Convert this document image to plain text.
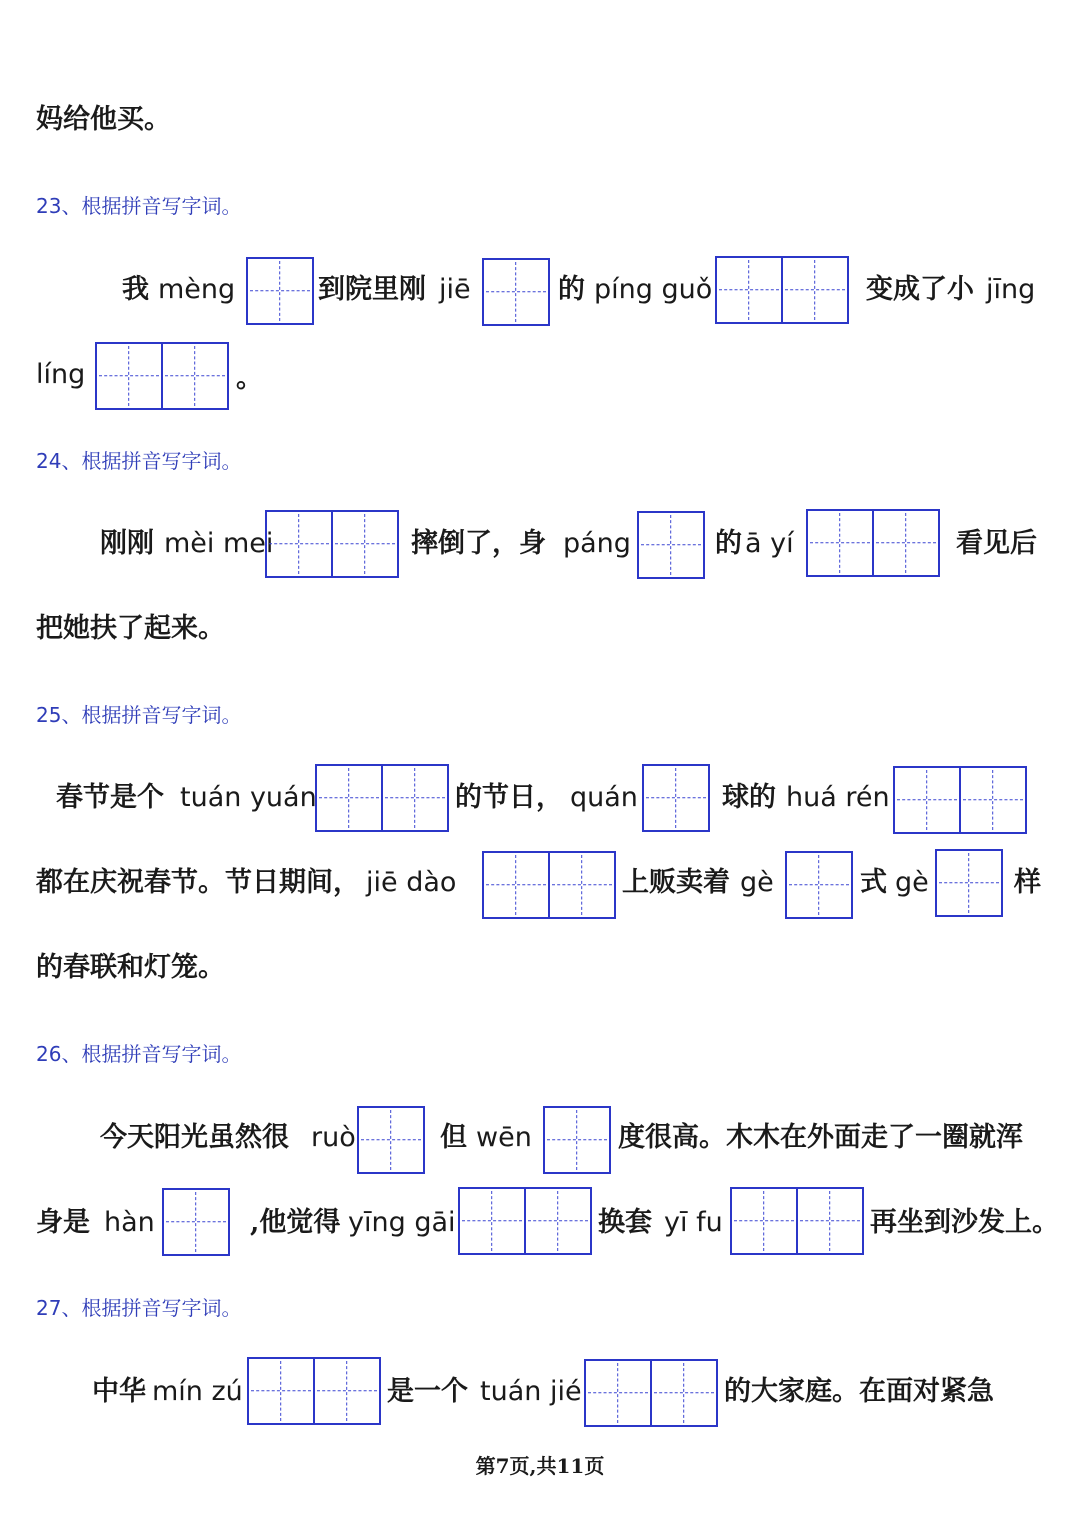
妈给他买。
23、根据拼音写字词。
我 mèng	到院里刚 jiē	的 píng guǒ	变成了小 jīng
líng	。
24、根据拼音写字词。
刚刚 mèi mei	摔倒了，身 páng	的 ā yí	看见后
把她扶了起来。
25、根据拼音写字词。
春节是个 tuán yuán	的节日， quán	球的 huá rén
都在庆祝春节。节日期间， jiē dào	上贩卖着 gè	式 gè	样
的春联和灯笼。
26、根据拼音写字词。
今天阳光虽然很 ruò	但 wēn	度很高。木木在外面走了一圈就浑
身是 hàn	,他觉得 yīng gāi	换套 yī fu	再坐到沙发上。
27、根据拼音写字词。
中华 mín zú	是一个 tuán jié	的大家庭。在面对紧急
第7页,共11页
